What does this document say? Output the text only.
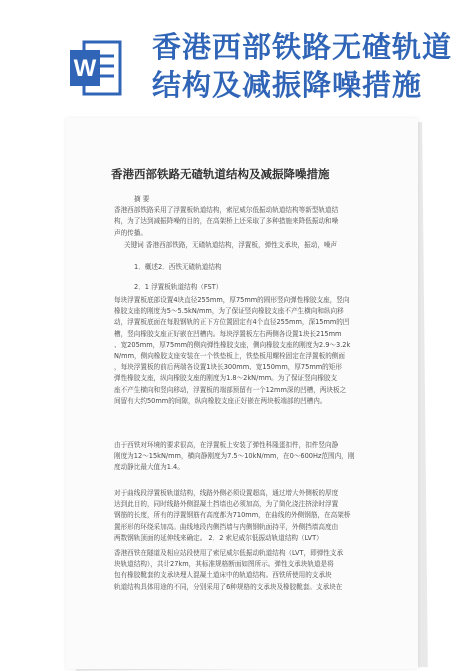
W
香港西部铁路无碴轨道
结构及减振降噪措施
香港西部铁路无碴轨道结构及减振降噪措施
摘 要
香港西部铁路采用了浮置板轨道结构，索尼威尔低振动轨道结构等新型轨道结
构，为了达到减振降噪的目的，在高架桥上还采取了多种措施来降低振动和噪
声的传播。
关键词 香港西部铁路，无碴轨道结构，浮置板，弹性支承块，振动，噪声
1．概述2．西铁无碴轨道结构
2．1 浮置板轨道结构（FST）
每块浮置板底部设置4块直径255mm，厚75mm的圆形竖向弹性橡胶支座，竖向
橡胶支座的刚度为5～5.5kN/mm，为了保证竖向橡胶支座不产生横向和纵向移
动，浮置板底面在每股钢轨的正下方位置固定有4个直径255mm，深15mm的凹
槽，竖向橡胶支座正好嵌在凹槽内。每块浮置板左右两侧各设置1块长215mm
、宽205mm，厚75mm的侧向弹性橡胶支座，侧向橡胶支座的刚度为2.9～3.2k
N/mm，侧向橡胶支座安装在一个铁垫板上，铁垫板用螺栓固定在浮置板的侧面
，每块浮置板的前后两端各设置1块长300mm、宽150mm，厚75mm的矩形
弹性橡胶支座，纵向橡胶支座的刚度为1.8～2kN/mm。为了保证竖向橡胶支
座不产生横向和竖向移动，浮置板的端部预留有一个12mm深的凹槽，两块板之
间留有大约50mm的间隙，纵向橡胶支座正好嵌在两块板端部的凹槽内。
由于西铁对环境的要求很高，在浮置板上安装了弹性科隆蛋扣件，扣件竖向静
刚度为12～15kN/mm，横向静刚度为7.5～10kN/mm，在0～600Hz范围内，刚
度动静比最大值为1.4。
对于曲线段浮置板轨道结构，线路外侧必须设置超高，通过增大外侧板的厚度
达到此目的，同时线路外侧混凝土挡墙也必须加高，为了简化浇注挤涂时浮置
钢筋的长度，所有的浮置钢筋有高度都为710mm，在曲线的外侧钢筋，在高架桥
置形形的环绕采加高。曲线地段内侧挡墙与内侧钢轨面持平，外侧挡墙高度由
两数钢轨顶面的延伸线来确定。 2．2 索尼威尔低振动轨道结构（LVT）
香港西铁在隧道及相应站段使用了索尼威尔低振动轨道结构（LVT，即弹性支承
块轨道结构），共计27km，其标准规格断面如图所示。弹性支承块轨道是将
包有橡胶靴套的支承块埋人混凝土道床中的轨道结构。西铁所使用的支承块
轨道结构具体用途的不同，分别采用了6种规格的支承块及橡胶靴套。支承块在
